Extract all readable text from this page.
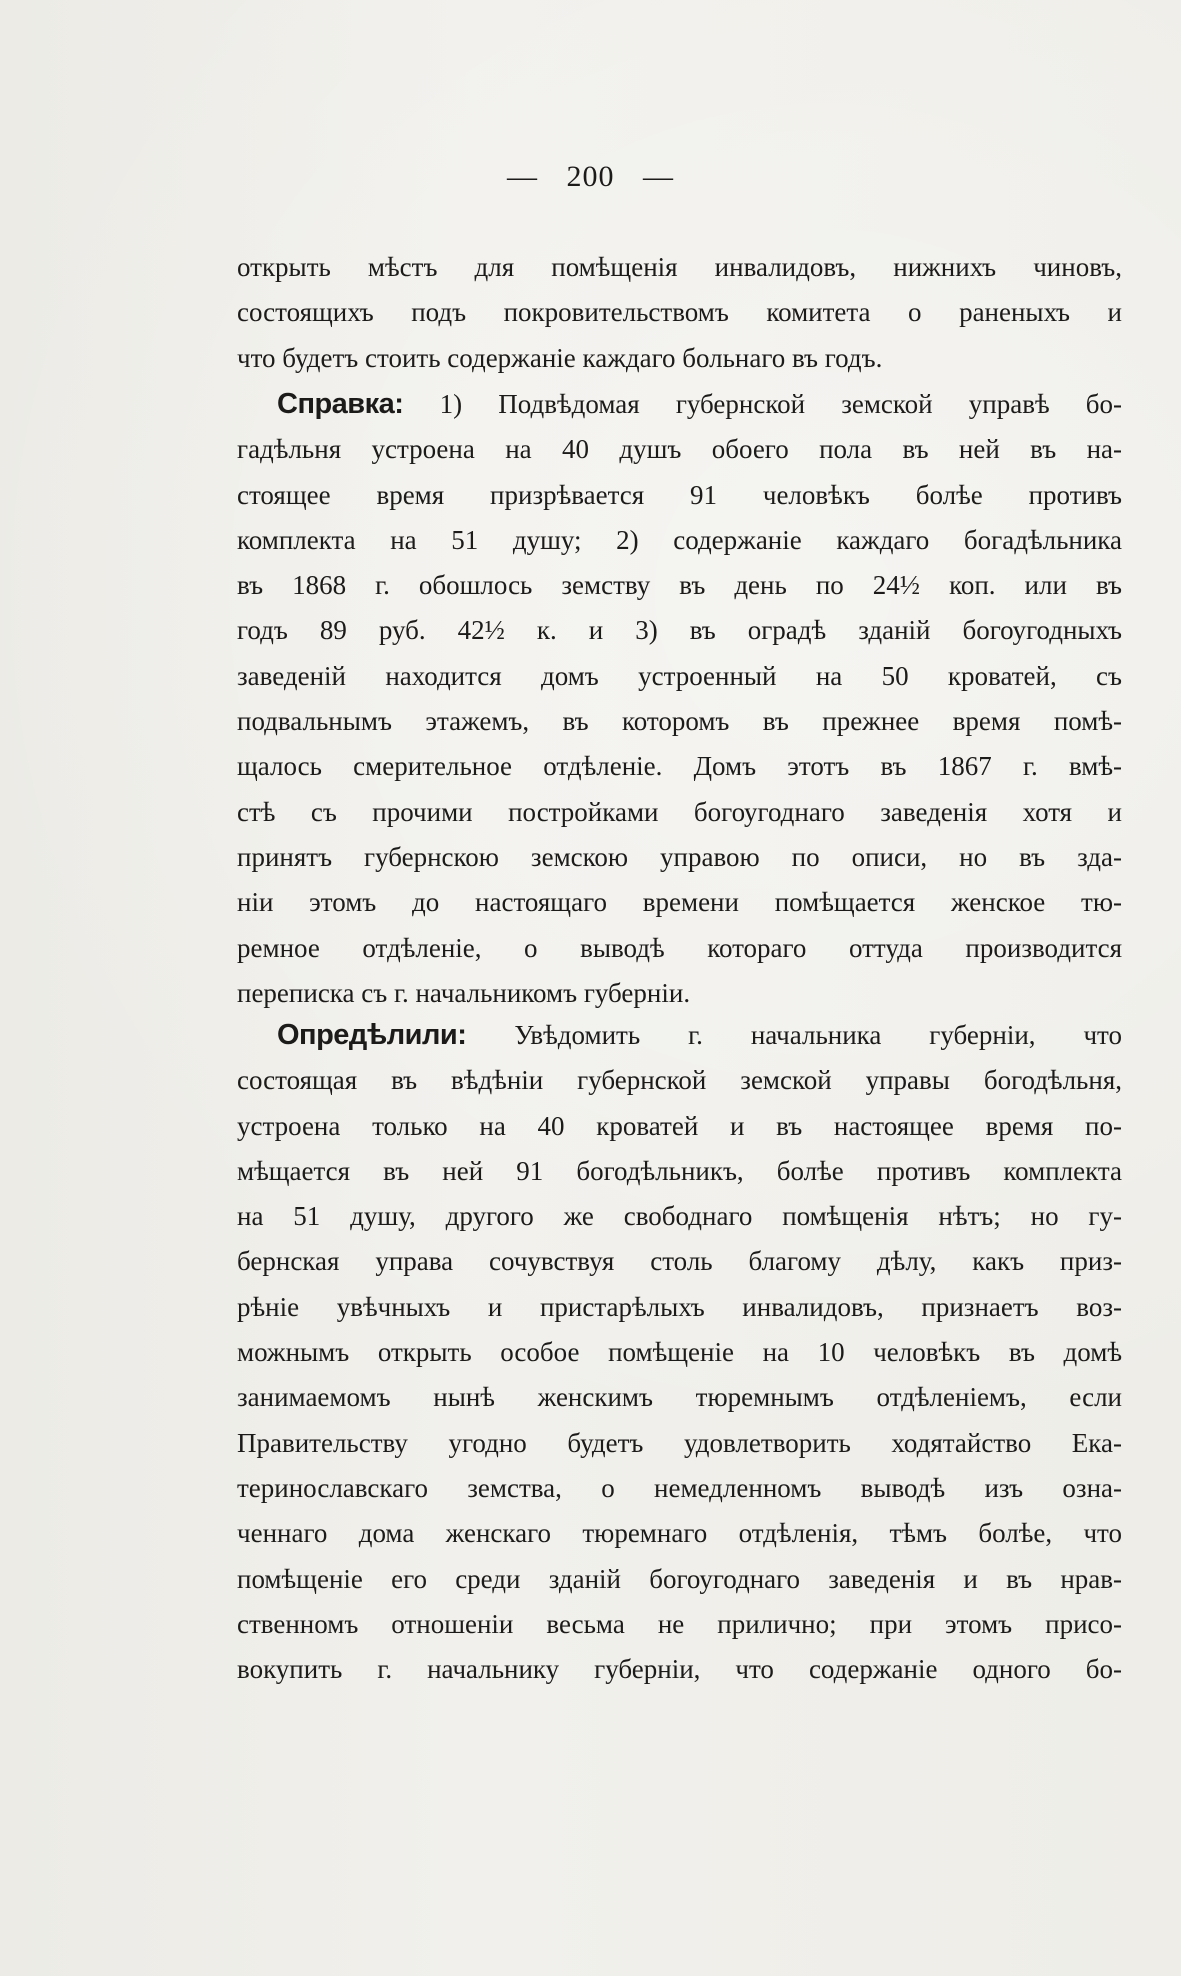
— 200 —
открыть мѣстъ для помѣщенія инвалидовъ, нижнихъ чиновъ,
состоящихъ подъ покровительствомъ комитета о раненыхъ и
что будетъ стоить содержаніе каждаго больнаго въ годъ.
Справка: 1) Подвѣдомая губернской земской управѣ бо-
гадѣльня устроена на 40 душъ обоего пола въ ней въ на-
стоящее время призрѣвается 91 человѣкъ болѣе противъ
комплекта на 51 душу; 2) содержаніе каждаго богадѣльника
въ 1868 г. обошлось земству въ день по 24½ коп. или въ
годъ 89 руб. 42½ к. и 3) въ оградѣ зданій богоугодныхъ
заведеній находится домъ устроенный на 50 кроватей, съ
подвальнымъ этажемъ, въ которомъ въ прежнее время помѣ-
щалось смерительное отдѣленіе. Домъ этотъ въ 1867 г. вмѣ-
стѣ съ прочими постройками богоугоднаго заведенія хотя и
принятъ губернскою земскою управою по описи, но въ зда-
ніи этомъ до настоящаго времени помѣщается женское тю-
ремное отдѣленіе, о выводѣ котораго оттуда производится
переписка съ г. начальникомъ губерніи.
Опредѣлили: Увѣдомить г. начальника губерніи, что
состоящая въ вѣдѣніи губернской земской управы богодѣльня,
устроена только на 40 кроватей и въ настоящее время по-
мѣщается въ ней 91 богодѣльникъ, болѣе противъ комплекта
на 51 душу, другого же свободнаго помѣщенія нѣтъ; но гу-
бернская управа сочувствуя столь благому дѣлу, какъ приз-
рѣніе увѣчныхъ и пристарѣлыхъ инвалидовъ, признаетъ воз-
можнымъ открыть особое помѣщеніе на 10 человѣкъ въ домѣ
занимаемомъ нынѣ женскимъ тюремнымъ отдѣленіемъ, если
Правительству угодно будетъ удовлетворить ходятайство Ека-
теринославскаго земства, о немедленномъ выводѣ изъ озна-
ченнаго дома женскаго тюремнаго отдѣленія, тѣмъ болѣе, что
помѣщеніе его среди зданій богоугоднаго заведенія и въ нрав-
ственномъ отношеніи весьма не прилично; при этомъ присо-
вокупить г. начальнику губерніи, что содержаніе одного бо-
